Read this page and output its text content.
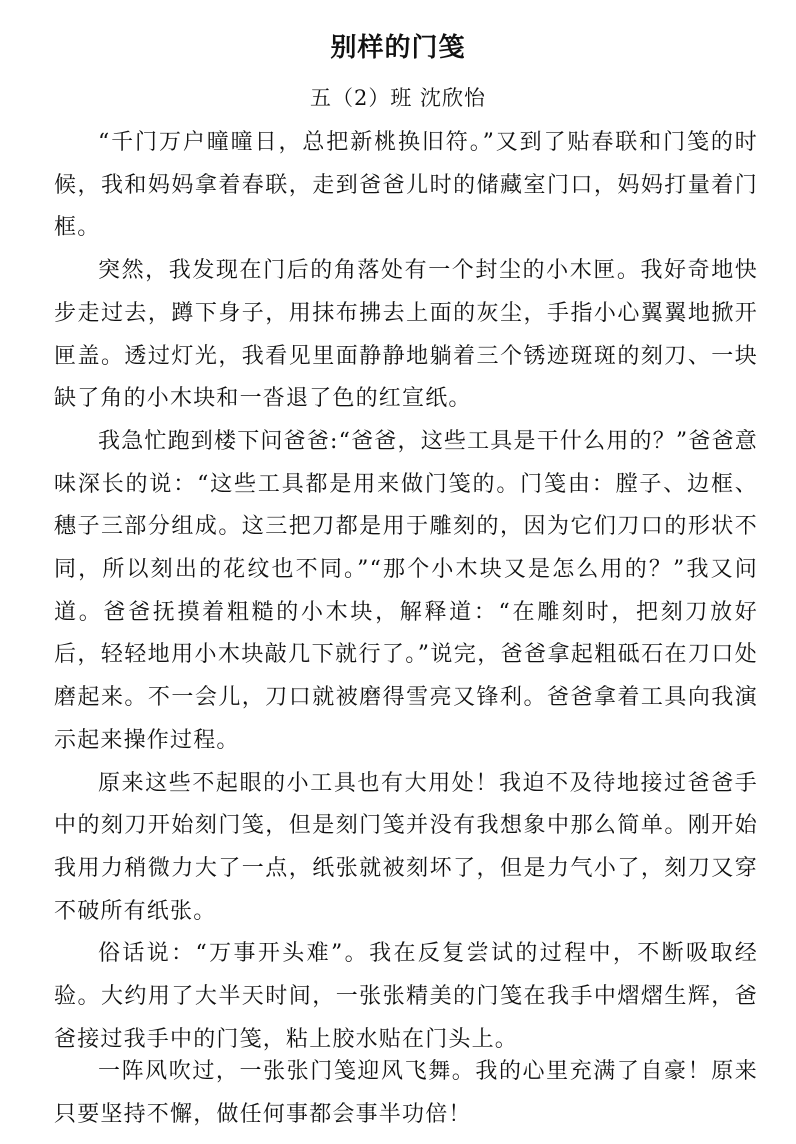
别样的门笺
五（2）班 沈欣怡

“千门万户曈曈日，总把新桃换旧符。”又到了贴春联和门笺的时候，我和妈妈拿着春联，走到爸爸儿时的储藏室门口，妈妈打量着门框。

突然，我发现在门后的角落处有一个封尘的小木匣。我好奇地快步走过去，蹲下身子，用抹布拂去上面的灰尘，手指小心翼翼地掀开匣盖。透过灯光，我看见里面静静地躺着三个锈迹斑斑的刻刀、一块缺了角的小木块和一沓退了色的红宣纸。

我急忙跑到楼下问爸爸:“爸爸，这些工具是干什么用的？”爸爸意味深长的说：“这些工具都是用来做门笺的。门笺由：膛子、边框、穗子三部分组成。这三把刀都是用于雕刻的，因为它们刀口的形状不同，所以刻出的花纹也不同。”“那个小木块又是怎么用的？”我又问道。爸爸抚摸着粗糙的小木块，解释道：“在雕刻时，把刻刀放好后，轻轻地用小木块敲几下就行了。”说完，爸爸拿起粗砥石在刀口处磨起来。不一会儿，刀口就被磨得雪亮又锋利。爸爸拿着工具向我演示起来操作过程。

原来这些不起眼的小工具也有大用处！我迫不及待地接过爸爸手中的刻刀开始刻门笺，但是刻门笺并没有我想象中那么简单。刚开始我用力稍微力大了一点，纸张就被刻坏了，但是力气小了，刻刀又穿不破所有纸张。

俗话说：“万事开头难”。我在反复尝试的过程中，不断吸取经验。大约用了大半天时间，一张张精美的门笺在我手中熠熠生辉，爸爸接过我手中的门笺，粘上胶水贴在门头上。

一阵风吹过，一张张门笺迎风飞舞。我的心里充满了自豪！原来只要坚持不懈，做任何事都会事半功倍！
